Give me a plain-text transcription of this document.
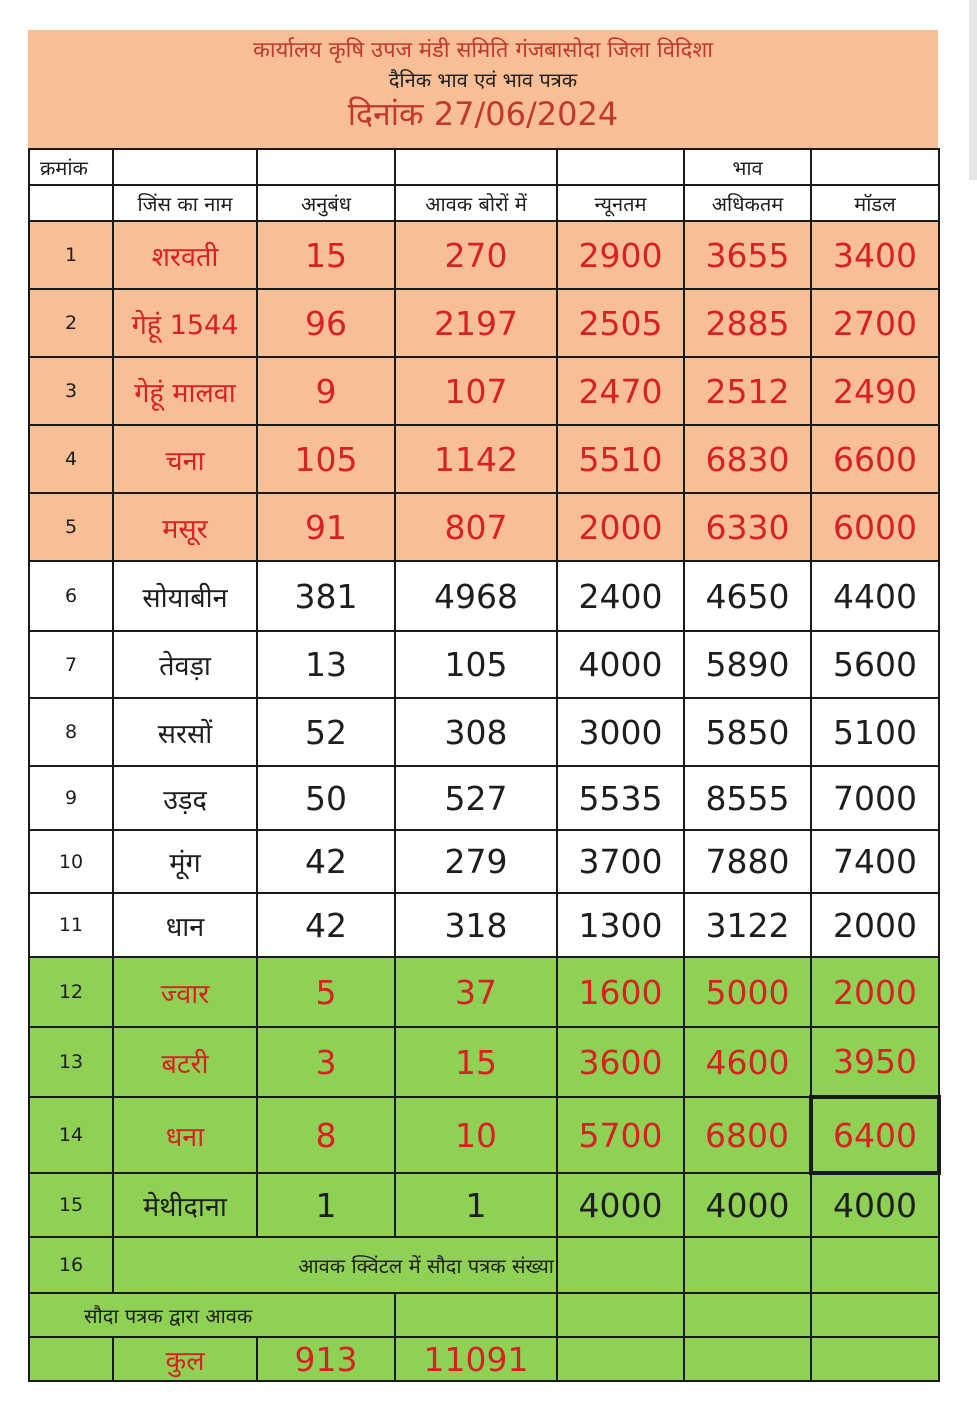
कार्यालय कृषि उपज मंडी समिति गंजबासोदा जिला विदिशा
दैनिक भाव एवं भाव पत्रक
दिनांक 27/06/2024
क्रमांक					भाव	
	जिंस का नाम	अनुबंध	आवक बोरों में	न्यूनतम	अधिकतम	मॉडल
1	शरवती	15	270	2900	3655	3400
2	गेहूं 1544	96	2197	2505	2885	2700
3	गेहूं मालवा	9	107	2470	2512	2490
4	चना	105	1142	5510	6830	6600
5	मसूर	91	807	2000	6330	6000
6	सोयाबीन	381	4968	2400	4650	4400
7	तेवड़ा	13	105	4000	5890	5600
8	सरसों	52	308	3000	5850	5100
9	उड़द	50	527	5535	8555	7000
10	मूंग	42	279	3700	7880	7400
11	धान	42	318	1300	3122	2000
12	ज्वार	5	37	1600	5000	2000
13	बटरी	3	15	3600	4600	3950
14	धना	8	10	5700	6800	6400
15	मेथीदाना	1	1	4000	4000	4000
16	आवक क्विंटल में सौदा पत्रक संख्या					
सौदा पत्रक द्वारा आवक						
	कुल	913	11091			
